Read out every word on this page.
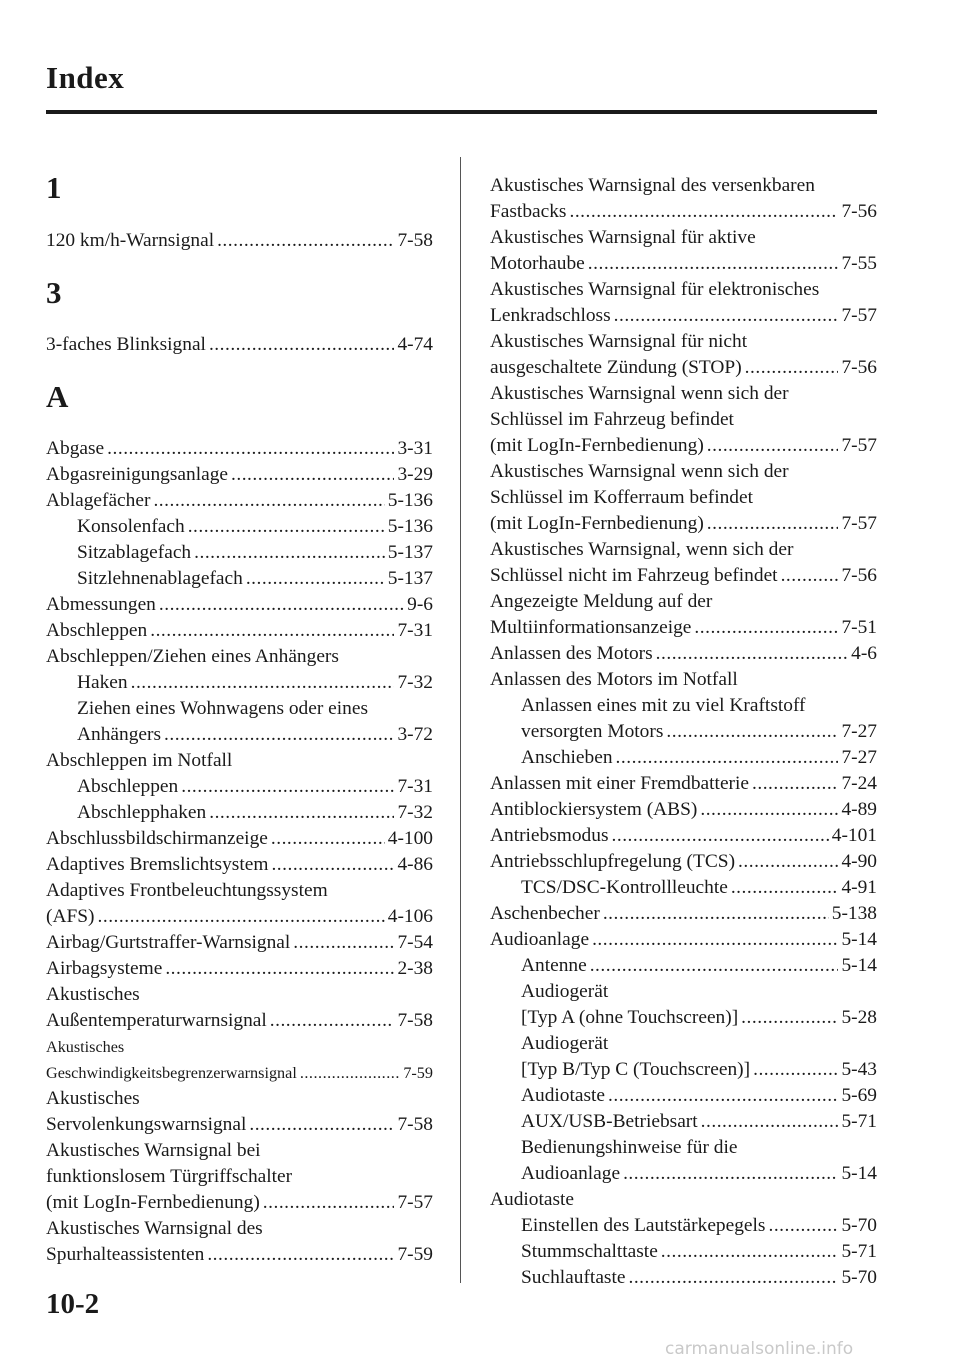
Index
1
120 km/h-Warnsignal .....	7-58
3
3-faches Blinksignal .....	4-74
A
Abgase .....	3-31
Abgasreinigungsanlage .....	3-29
Ablagefächer .....	5-136
Konsolenfach .....	5-136
Sitzablagefach .....	5-137
Sitzlehnenablagefach .....	5-137
Abmessungen .....	9-6
Abschleppen .....	7-31
Abschleppen/Ziehen eines Anhängers
Haken .....	7-32
Ziehen eines Wohnwagens oder eines
Anhängers .....	3-72
Abschleppen im Notfall
Abschleppen .....	7-31
Abschlepphaken .....	7-32
Abschlussbildschirmanzeige .....	4-100
Adaptives Bremslichtsystem .....	4-86
Adaptives Frontbeleuchtungssystem
(AFS) .....	4-106
Airbag/Gurtstraffer-Warnsignal .....	7-54
Airbagsysteme .....	2-38
Akustisches
Außentemperaturwarnsignal .....	7-58
Akustisches
Geschwindigkeitsbegrenzerwarnsignal .....	7-59
Akustisches
Servolenkungswarnsignal .....	7-58
Akustisches Warnsignal bei
funktionslosem Türgriffschalter
(mit LogIn-Fernbedienung) .....	7-57
Akustisches Warnsignal des
Spurhalteassistenten .....	7-59
Akustisches Warnsignal des versenkbaren
Fastbacks .....	7-56
Akustisches Warnsignal für aktive
Motorhaube .....	7-55
Akustisches Warnsignal für elektronisches
Lenkradschloss .....	7-57
Akustisches Warnsignal für nicht
ausgeschaltete Zündung (STOP) .....	7-56
Akustisches Warnsignal wenn sich der
Schlüssel im Fahrzeug befindet
(mit LogIn-Fernbedienung) .....	7-57
Akustisches Warnsignal wenn sich der
Schlüssel im Kofferraum befindet
(mit LogIn-Fernbedienung) .....	7-57
Akustisches Warnsignal, wenn sich der
Schlüssel nicht im Fahrzeug befindet .....	7-56
Angezeigte Meldung auf der
Multiinformationsanzeige .....	7-51
Anlassen des Motors .....	4-6
Anlassen des Motors im Notfall
Anlassen eines mit zu viel Kraftstoff
versorgten Motors .....	7-27
Anschieben .....	7-27
Anlassen mit einer Fremdbatterie .....	7-24
Antiblockiersystem (ABS) .....	4-89
Antriebsmodus .....	4-101
Antriebsschlupfregelung (TCS) .....	4-90
TCS/DSC-Kontrollleuchte .....	4-91
Aschenbecher .....	5-138
Audioanlage .....	5-14
Antenne .....	5-14
Audiogerät
[Typ A (ohne Touchscreen)] .....	5-28
Audiogerät
[Typ B/Typ C (Touchscreen)] .....	5-43
Audiotaste .....	5-69
AUX/USB-Betriebsart .....	5-71
Bedienungshinweise für die
Audioanlage .....	5-14
Audiotaste
Einstellen des Lautstärkepegels .....	5-70
Stummschalttaste .....	5-71
Suchlauftaste .....	5-70
10-2
carmanualsonline.info
